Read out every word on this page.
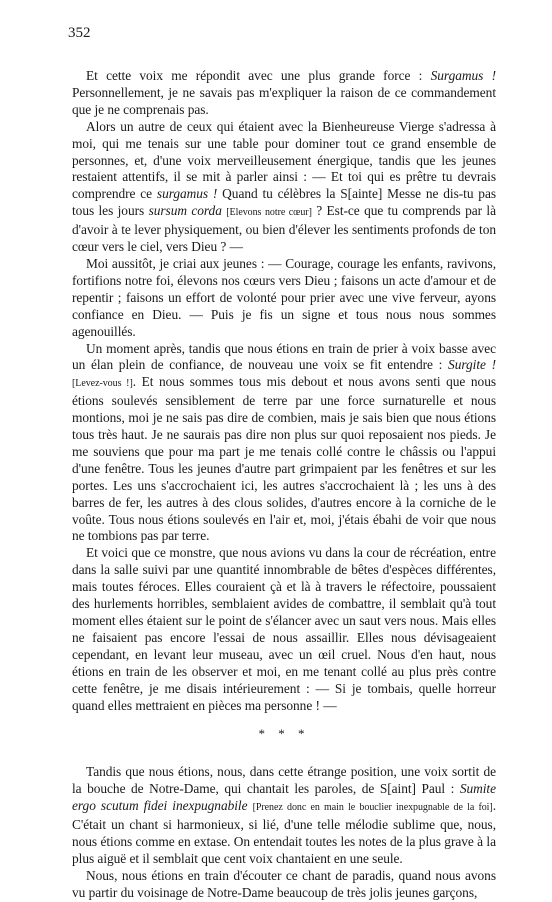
352

Et cette voix me répondit avec une plus grande force : Surgamus ! Personnellement, je ne savais pas m'expliquer la raison de ce commandement que je ne comprenais pas.

Alors un autre de ceux qui étaient avec la Bienheureuse Vierge s'adressa à moi, qui me tenais sur une table pour dominer tout ce grand ensemble de personnes, et, d'une voix merveilleusement énergique, tandis que les jeunes restaient attentifs, il se mit à parler ainsi : — Et toi qui es prêtre tu devrais comprendre ce surgamus ! Quand tu célèbres la S[ainte] Messe ne dis-tu pas tous les jours sursum corda [Elevons notre cœur] ? Est-ce que tu comprends par là d'avoir à te lever physiquement, ou bien d'élever les sentiments profonds de ton cœur vers le ciel, vers Dieu ? —

Moi aussitôt, je criai aux jeunes : — Courage, courage les enfants, ravivons, fortifions notre foi, élevons nos cœurs vers Dieu ; faisons un acte d'amour et de repentir ; faisons un effort de volonté pour prier avec une vive ferveur, ayons confiance en Dieu. — Puis je fis un signe et tous nous nous sommes agenouillés.

Un moment après, tandis que nous étions en train de prier à voix basse avec un élan plein de confiance, de nouveau une voix se fit entendre : Surgite ! [Levez-vous !]. Et nous sommes tous mis debout et nous avons senti que nous étions soulevés sensiblement de terre par une force surnaturelle et nous montions, moi je ne sais pas dire de combien, mais je sais bien que nous étions tous très haut. Je ne saurais pas dire non plus sur quoi reposaient nos pieds. Je me souviens que pour ma part je me tenais collé contre le châssis ou l'appui d'une fenêtre. Tous les jeunes d'autre part grimpaient par les fenêtres et sur les portes. Les uns s'accrochaient ici, les autres s'accrochaient là ; les uns à des barres de fer, les autres à des clous solides, d'autres encore à la corniche de le voûte. Tous nous étions soulevés en l'air et, moi, j'étais ébahi de voir que nous ne tombions pas par terre.

Et voici que ce monstre, que nous avions vu dans la cour de récréation, entre dans la salle suivi par une quantité innombrable de bêtes d'espèces différentes, mais toutes féroces. Elles couraient çà et là à travers le réfectoire, poussaient des hurlements horribles, semblaient avides de combattre, il semblait qu'à tout moment elles étaient sur le point de s'élancer avec un saut vers nous. Mais elles ne faisaient pas encore l'essai de nous assaillir. Elles nous dévisageaient cependant, en levant leur museau, avec un œil cruel. Nous d'en haut, nous étions en train de les observer et moi, en me tenant collé au plus près contre cette fenêtre, je me disais intérieurement : — Si je tombais, quelle horreur quand elles mettraient en pièces ma personne ! —

* * *

Tandis que nous étions, nous, dans cette étrange position, une voix sortit de la bouche de Notre-Dame, qui chantait les paroles, de S[aint] Paul : Sumite ergo scutum fidei inexpugnabile [Prenez donc en main le bouclier inexpugnable de la foi]. C'était un chant si harmonieux, si lié, d'une telle mélodie sublime que, nous, nous étions comme en extase. On entendait toutes les notes de la plus grave à la plus aiguë et il semblait que cent voix chantaient en une seule.

Nous, nous étions en train d'écouter ce chant de paradis, quand nous avons vu partir du voisinage de Notre-Dame beaucoup de très jolis jeunes garçons,
